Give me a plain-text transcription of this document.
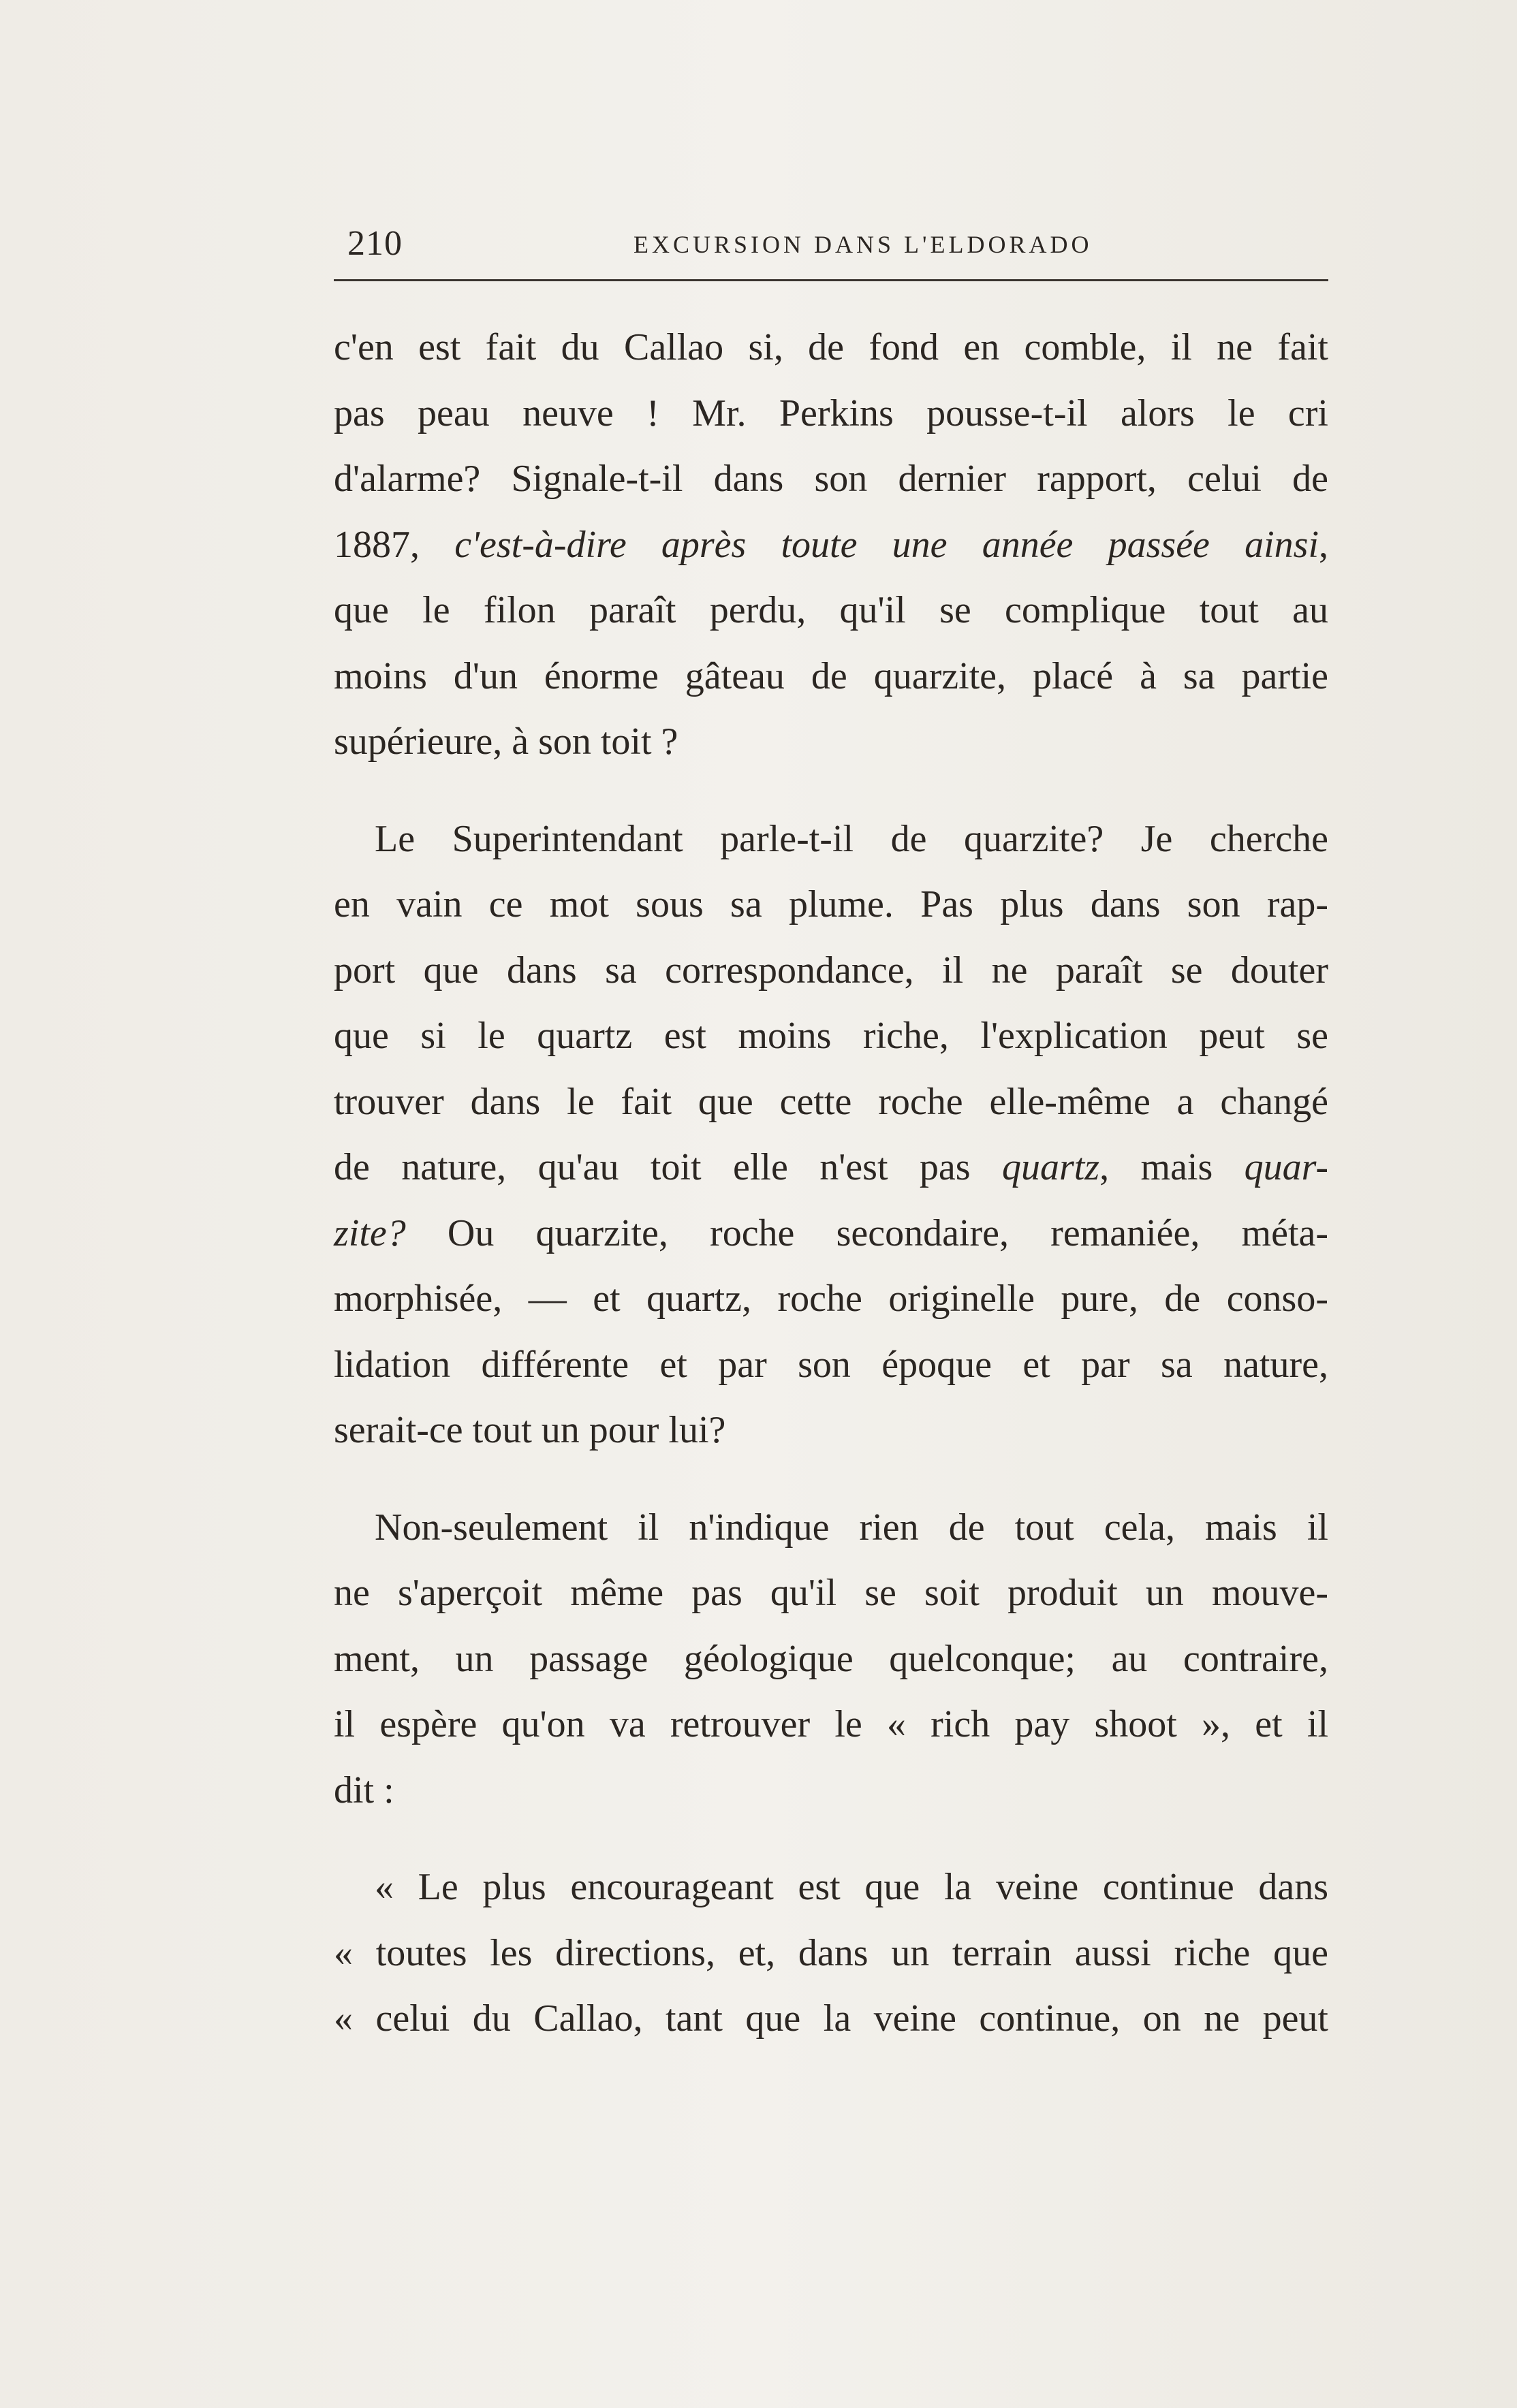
210	EXCURSION DANS L'ELDORADO
c'en est fait du Callao si, de fond en comble, il ne fait
pas peau neuve ! Mr. Perkins pousse-t-il alors le cri
d'alarme? Signale-t-il dans son dernier rapport, celui de
1887, c'est-à-dire après toute une année passée ainsi,
que le filon paraît perdu, qu'il se complique tout au
moins d'un énorme gâteau de quarzite, placé à sa partie
supérieure, à son toit ?
Le Superintendant parle-t-il de quarzite? Je cherche
en vain ce mot sous sa plume. Pas plus dans son rap-
port que dans sa correspondance, il ne paraît se douter
que si le quartz est moins riche, l'explication peut se
trouver dans le fait que cette roche elle-même a changé
de nature, qu'au toit elle n'est pas quartz, mais quar-
zite? Ou quarzite, roche secondaire, remaniée, méta-
morphisée, — et quartz, roche originelle pure, de conso-
lidation différente et par son époque et par sa nature,
serait-ce tout un pour lui?
Non-seulement il n'indique rien de tout cela, mais il
ne s'aperçoit même pas qu'il se soit produit un mouve-
ment, un passage géologique quelconque; au contraire,
il espère qu'on va retrouver le « rich pay shoot », et il
dit :
« Le plus encourageant est que la veine continue dans
« toutes les directions, et, dans un terrain aussi riche que
« celui du Callao, tant que la veine continue, on ne peut
